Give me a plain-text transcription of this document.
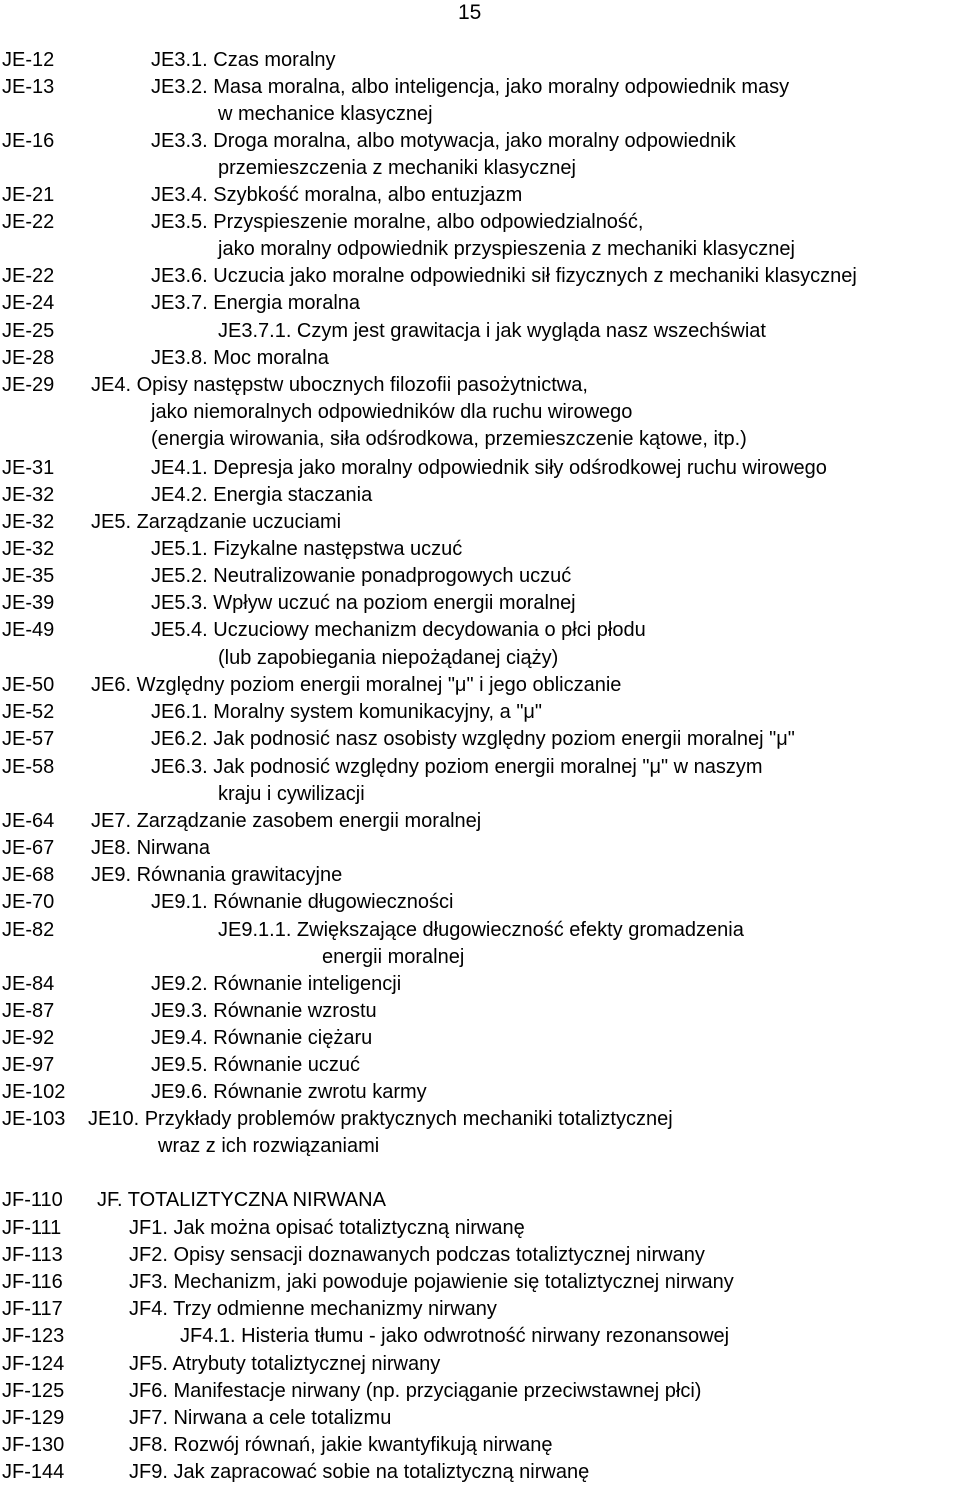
15
JE-12	JE3.1. Czas moralny
JE-13	JE3.2. Masa moralna, albo inteligencja, jako moralny odpowiednik masy
w mechanice klasycznej
JE-16	JE3.3. Droga moralna, albo motywacja, jako moralny odpowiednik
przemieszczenia z mechaniki klasycznej
JE-21	JE3.4. Szybkość moralna, albo entuzjazm
JE-22	JE3.5. Przyspieszenie moralne, albo odpowiedzialność,
jako moralny odpowiednik przyspieszenia z mechaniki klasycznej
JE-22	JE3.6. Uczucia jako moralne odpowiedniki sił fizycznych z mechaniki klasycznej
JE-24	JE3.7. Energia moralna
JE-25	JE3.7.1. Czym jest grawitacja i jak wygląda nasz wszechświat
JE-28	JE3.8. Moc moralna
JE-29 JE4. Opisy następstw ubocznych filozofii pasożytnictwa,
jako niemoralnych odpowiedników dla ruchu wirowego
(energia wirowania, siła odśrodkowa, przemieszczenie kątowe, itp.)
JE-31	JE4.1. Depresja jako moralny odpowiednik siły odśrodkowej ruchu wirowego
JE-32	JE4.2. Energia staczania
JE-32 JE5. Zarządzanie uczuciami
JE-32	JE5.1. Fizykalne następstwa uczuć
JE-35	JE5.2. Neutralizowanie ponadprogowych uczuć
JE-39	JE5.3. Wpływ uczuć na poziom energii moralnej
JE-49	JE5.4. Uczuciowy mechanizm decydowania o płci płodu
(lub zapobiegania niepożądanej ciąży)
JE-50 JE6. Względny poziom energii moralnej "μ" i jego obliczanie
JE-52	JE6.1. Moralny system komunikacyjny, a "μ"
JE-57	JE6.2. Jak podnosić nasz osobisty względny poziom energii moralnej "μ"
JE-58	JE6.3. Jak podnosić względny poziom energii moralnej "μ" w naszym
kraju i cywilizacji
JE-64 JE7. Zarządzanie zasobem energii moralnej
JE-67 JE8. Nirwana
JE-68 JE9. Równania grawitacyjne
JE-70	JE9.1. Równanie długowieczności
JE-82	JE9.1.1. Zwiększające długowieczność efekty gromadzenia
energii moralnej
JE-84	JE9.2. Równanie inteligencji
JE-87	JE9.3. Równanie wzrostu
JE-92	JE9.4. Równanie ciężaru
JE-97	JE9.5. Równanie uczuć
JE-102	JE9.6. Równanie zwrotu karmy
JE-103 JE10. Przykłady problemów praktycznych mechaniki totaliztycznej
wraz z ich rozwiązaniami
JF-110 JF. TOTALIZTYCZNA NIRWANA
JF-111	JF1. Jak można opisać totaliztyczną nirwanę
JF-113	JF2. Opisy sensacji doznawanych podczas totaliztycznej nirwany
JF-116	JF3. Mechanizm, jaki powoduje pojawienie się totaliztycznej nirwany
JF-117	JF4. Trzy odmienne mechanizmy nirwany
JF-123	JF4.1. Histeria tłumu - jako odwrotność nirwany rezonansowej
JF-124	JF5. Atrybuty totaliztycznej nirwany
JF-125	JF6. Manifestacje nirwany (np. przyciąganie przeciwstawnej płci)
JF-129	JF7. Nirwana a cele totalizmu
JF-130	JF8. Rozwój równań, jakie kwantyfikują nirwanę
JF-144	JF9. Jak zapracować sobie na totaliztyczną nirwanę
